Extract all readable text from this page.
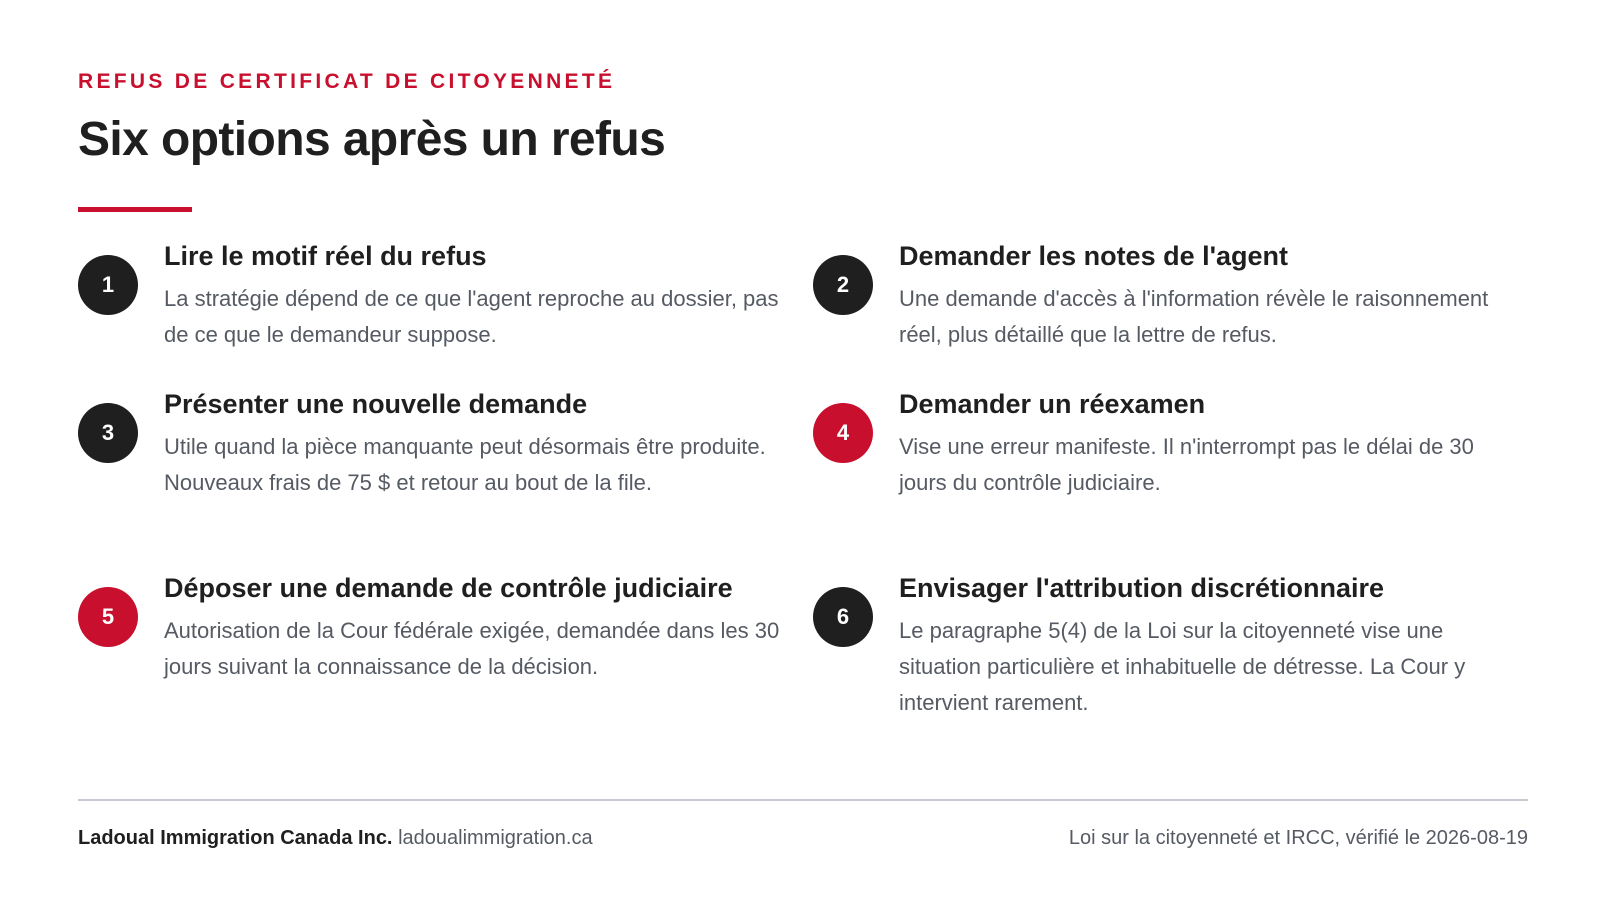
REFUS DE CERTIFICAT DE CITOYENNETÉ
Six options après un refus
1
Lire le motif réel du refus
La stratégie dépend de ce que l'agent reproche au dossier, pas de ce que le demandeur suppose.
2
Demander les notes de l'agent
Une demande d'accès à l'information révèle le raisonnement réel, plus détaillé que la lettre de refus.
3
Présenter une nouvelle demande
Utile quand la pièce manquante peut désormais être produite. Nouveaux frais de 75 $ et retour au bout de la file.
4
Demander un réexamen
Vise une erreur manifeste. Il n'interrompt pas le délai de 30 jours du contrôle judiciaire.
5
Déposer une demande de contrôle judiciaire
Autorisation de la Cour fédérale exigée, demandée dans les 30 jours suivant la connaissance de la décision.
6
Envisager l'attribution discrétionnaire
Le paragraphe 5(4) de la Loi sur la citoyenneté vise une situation particulière et inhabituelle de détresse. La Cour y intervient rarement.
Ladoual Immigration Canada Inc. ladoualimmigration.ca	Loi sur la citoyenneté et IRCC, vérifié le 2026-08-19
